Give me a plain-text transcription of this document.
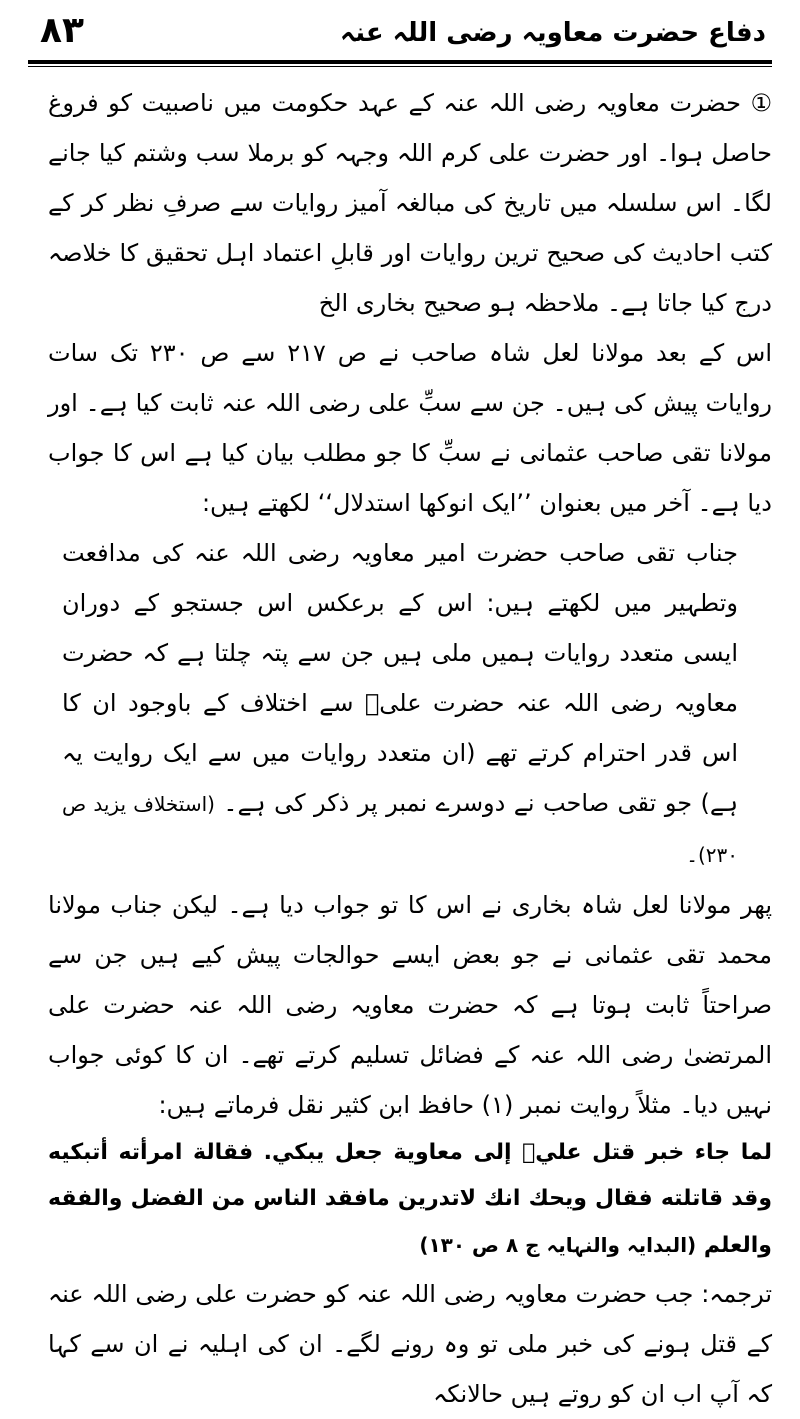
۸۳	دفاع حضرت معاویہ رضی اللہ عنہ

① حضرت معاویہ رضی اللہ عنہ کے عہد حکومت میں ناصبیت کو فروغ حاصل ہوا۔ اور حضرت علی کرم اللہ وجہہ کو برملا سب وشتم کیا جانے لگا۔ اس سلسلہ میں تاریخ کی مبالغہ آمیز روایات سے صرفِ نظر کر کے کتب احادیث کی صحیح ترین روایات اور قابلِ اعتماد اہل تحقیق کا خلاصہ درج کیا جاتا ہے۔ ملاحظہ ہو صحیح بخاری الخ

اس کے بعد مولانا لعل شاہ صاحب نے ص ۲۱۷ سے ص ۲۳۰ تک سات روایات پیش کی ہیں۔ جن سے سبِّ علی رضی اللہ عنہ ثابت کیا ہے۔ اور مولانا تقی صاحب عثمانی نے سبِّ کا جو مطلب بیان کیا ہے اس کا جواب دیا ہے۔ آخر میں بعنوان ’’ایک انوکھا استدلال‘‘ لکھتے ہیں:

جناب تقی صاحب حضرت امیر معاویہ رضی اللہ عنہ کی مدافعت وتطہیر میں لکھتے ہیں: اس کے برعکس اس جستجو کے دوران ایسی متعدد روایات ہمیں ملی ہیں جن سے پتہ چلتا ہے کہ حضرت معاویہ رضی اللہ عنہ حضرت علیؓ سے اختلاف کے باوجود ان کا اس قدر احترام کرتے تھے (ان متعدد روایات میں سے ایک روایت یہ ہے) جو تقی صاحب نے دوسرے نمبر پر ذکر کی ہے۔ (استخلاف یزید ص ۲۳۰)۔

پھر مولانا لعل شاہ بخاری نے اس کا تو جواب دیا ہے۔ لیکن جناب مولانا محمد تقی عثمانی نے جو بعض ایسے حوالجات پیش کیے ہیں جن سے صراحتاً ثابت ہوتا ہے کہ حضرت معاویہ رضی اللہ عنہ حضرت علی المرتضیٰ رضی اللہ عنہ کے فضائل تسلیم کرتے تھے۔ ان کا کوئی جواب نہیں دیا۔ مثلاً روایت نمبر (۱) حافظ ابن کثیر نقل فرماتے ہیں:

لما جاء خبر قتل عليؓ إلى معاوية جعل يبكي. فقالة امرأته أتبكيه وقد قاتلته فقال ويحك انك لاتدرين مافقد الناس من الفضل والفقه والعلم (البدایہ والنہایہ ج ۸ ص ۱۳۰)

ترجمہ: جب حضرت معاویہ رضی اللہ عنہ کو حضرت علی رضی اللہ عنہ کے قتل ہونے کی خبر ملی تو وہ رونے لگے۔ ان کی اہلیہ نے ان سے کہا کہ آپ اب ان کو روتے ہیں حالانکہ
